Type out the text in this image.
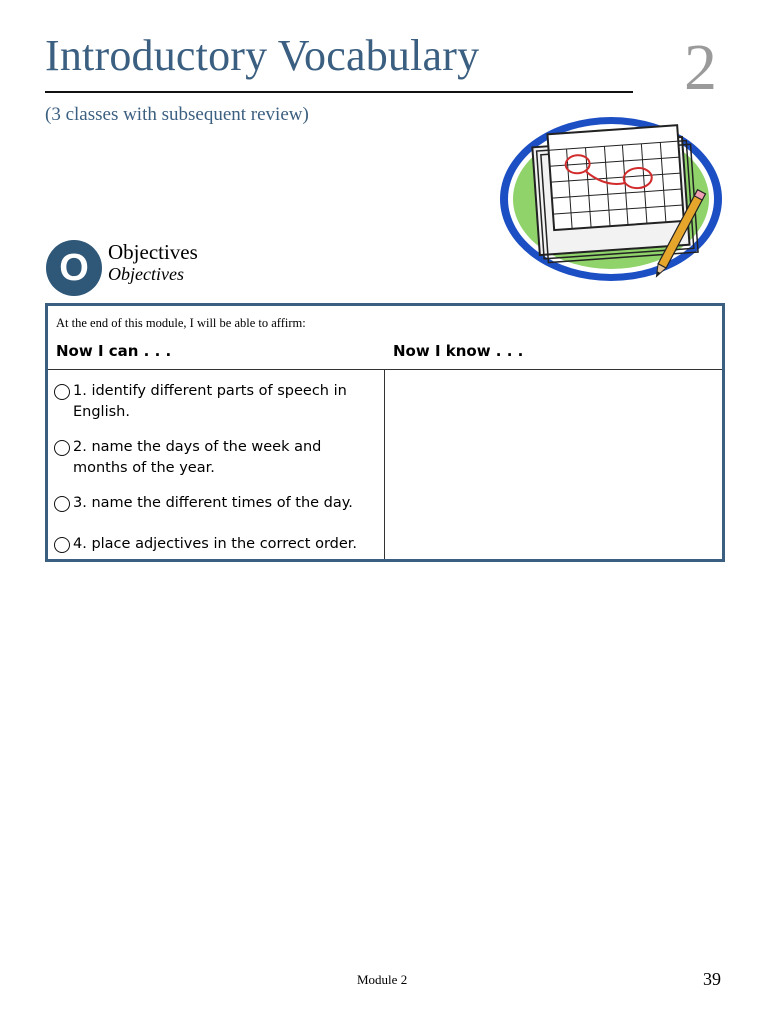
Introductory Vocabulary	2
(3 classes with subsequent review)
O Objectives
Objectives
At the end of this module, I will be able to affirm:
Now I can . . .	Now I know . . .
1. identify different parts of speech in English.
2. name the days of the week and months of the year.
3. name the different times of the day.
4. place adjectives in the correct order.
Module 2	39
